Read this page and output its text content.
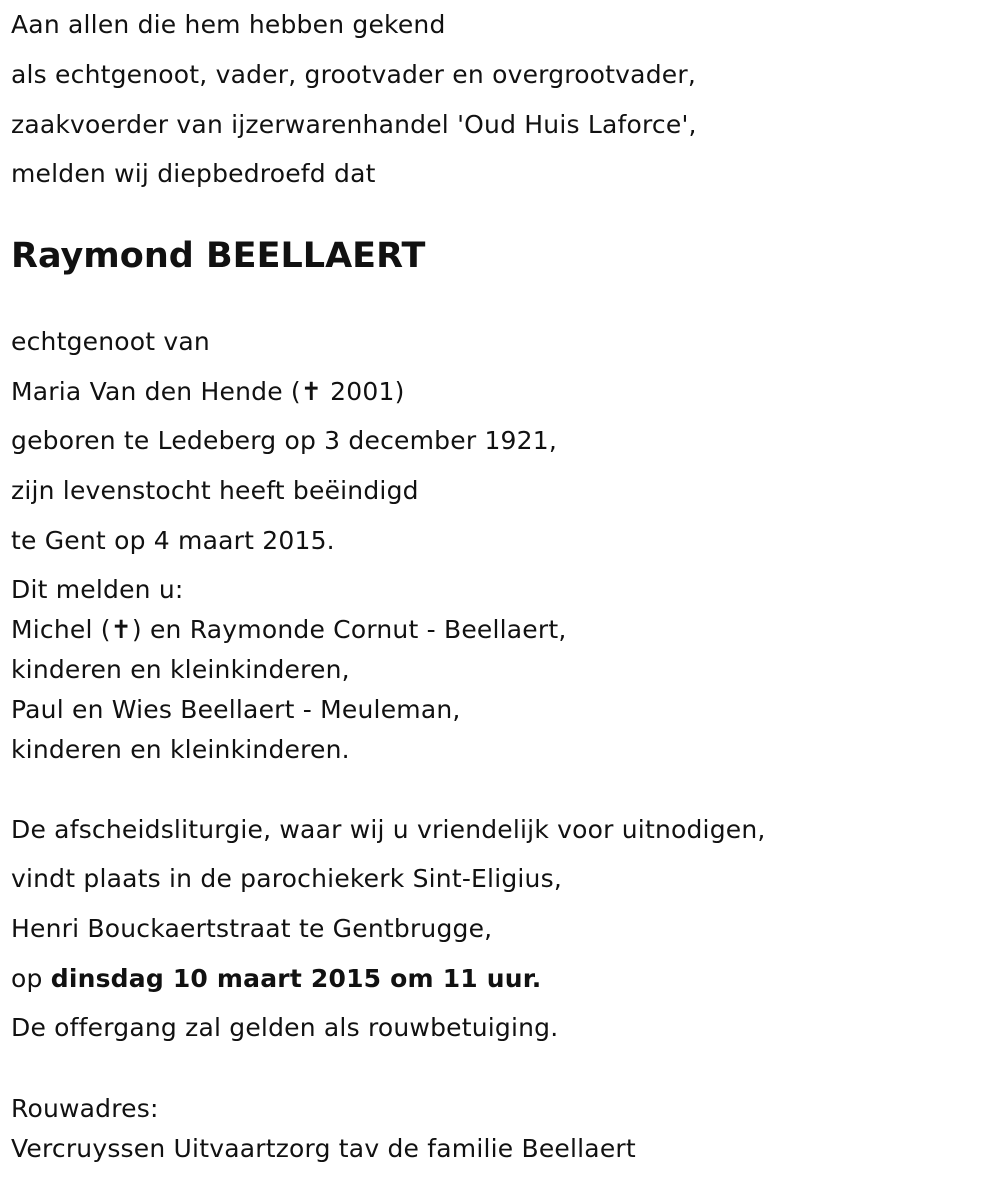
Aan allen die hem hebben gekend
als echtgenoot, vader, grootvader en overgrootvader,
zaakvoerder van ijzerwarenhandel 'Oud Huis Laforce',
melden wij diepbedroefd dat
Raymond BEELLAERT
echtgenoot van
Maria Van den Hende (✝ 2001)
geboren te Ledeberg op 3 december 1921,
zijn levenstocht heeft beëindigd
te Gent op 4 maart 2015.
Dit melden u:
Michel (✝) en Raymonde Cornut - Beellaert,
kinderen en kleinkinderen,
Paul en Wies Beellaert - Meuleman,
kinderen en kleinkinderen.
De afscheidsliturgie, waar wij u vriendelijk voor uitnodigen,
vindt plaats in de parochiekerk Sint-Eligius,
Henri Bouckaertstraat te Gentbrugge,
op dinsdag 10 maart 2015 om 11 uur.
De offergang zal gelden als rouwbetuiging.
Rouwadres:
Vercruyssen Uitvaartzorg tav de familie Beellaert
